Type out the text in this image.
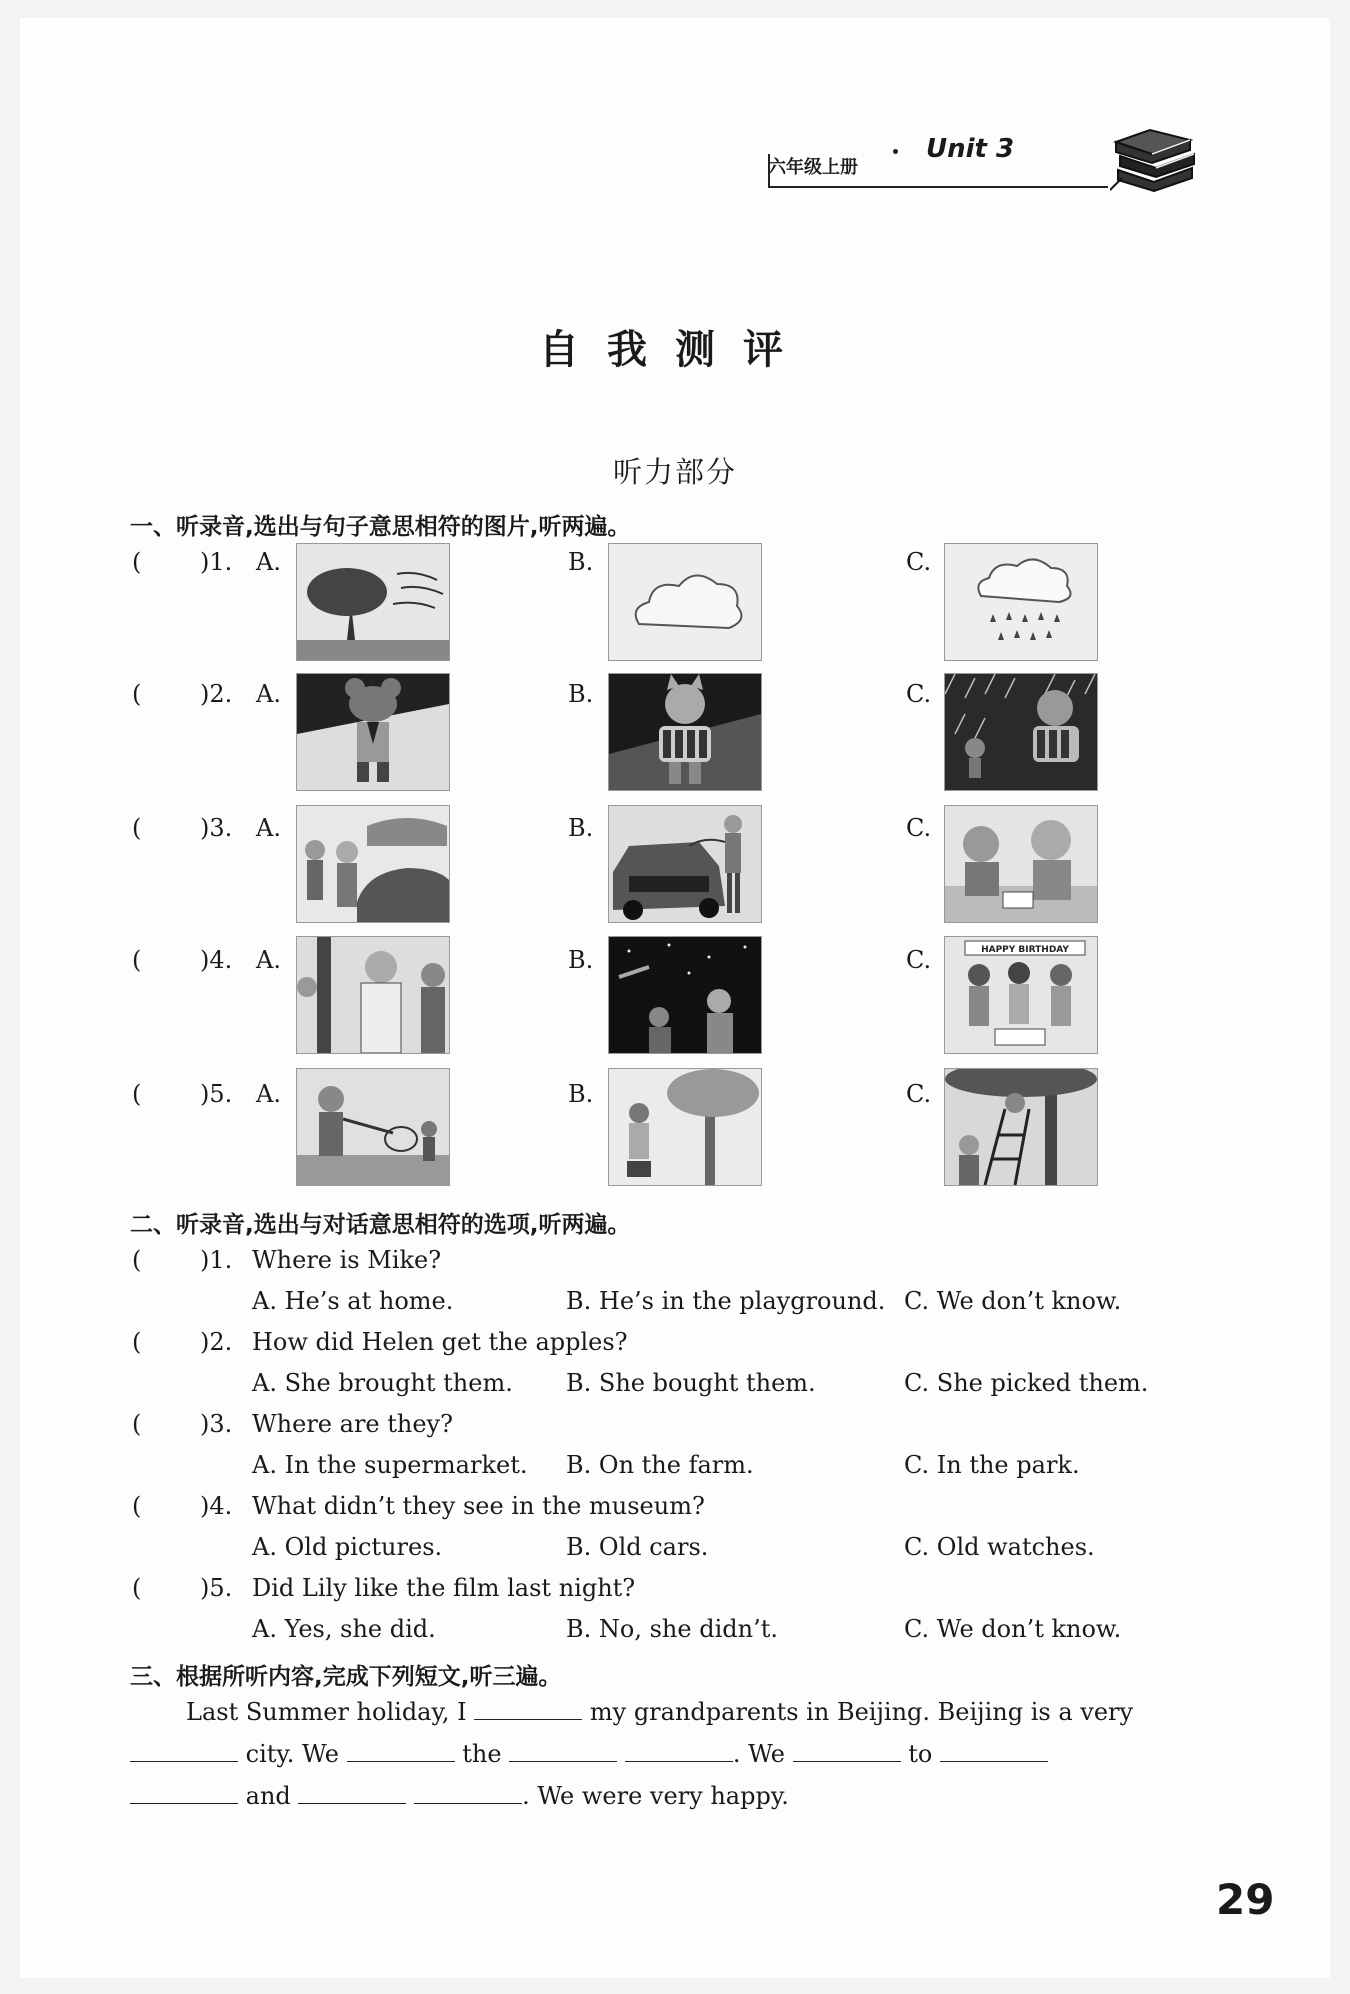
六年级上册
Unit 3
自我测评
听力部分
一、听录音,选出与句子意思相符的图片,听两遍。
( )1. A.	B.	C.
( )2. A.	B.	C.
( )3. A.	B.	C.
( )4. A.	B.	C.	HAPPY BIRTHDAY
( )5. A.	B.	C.
二、听录音,选出与对话意思相符的选项,听两遍。
( )1. Where is Mike?
A. He’s at home.	B. He’s in the playground. C. We don’t know.
( )2. How did Helen get the apples?
A. She brought them. B. She bought them.	C. She picked them.
( )3. Where are they?
A. In the supermarket. B. On the farm.	C. In the park.
( )4. What didn’t they see in the museum?
A. Old pictures.	B. Old cars.	C. Old watches.
( )5. Did Lily like the film last night?
A. Yes, she did.	B. No, she didn’t.	C. We don’t know.
三、根据所听内容,完成下列短文,听三遍。
Last Summer holiday, I	my grandparents in Beijing. Beijing is a very
city. We	the	. We	to
and	. We were very happy.
29
